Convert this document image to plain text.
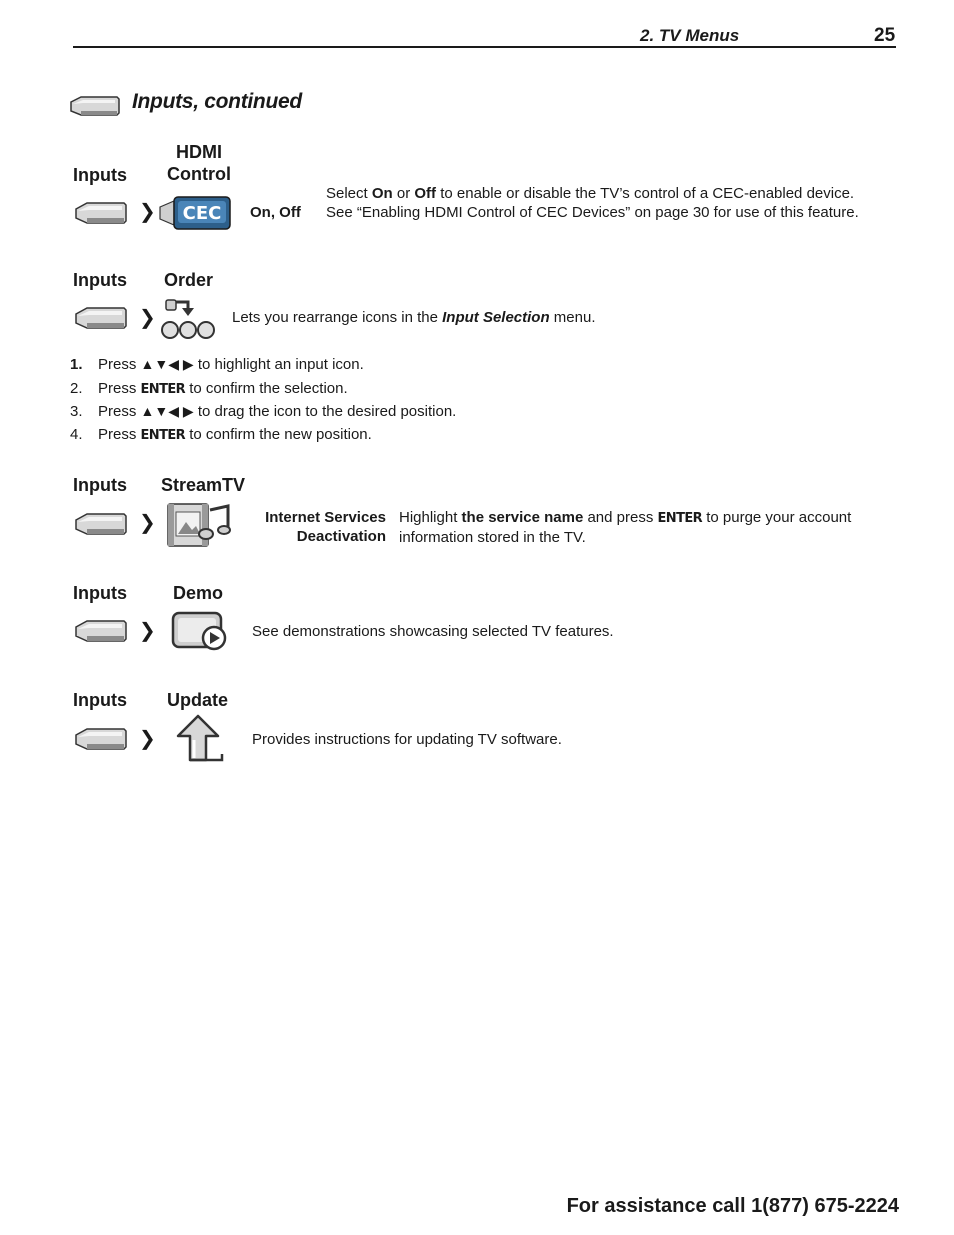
2. TV Menus	25
Inputs, continued
Inputs
HDMI
Control
❯ CEC On, Off
Select On or Off to enable or disable the TV’s control of a CEC-enabled device. See “Enabling HDMI Control of CEC Devices” on page 30 for use of this feature.
Inputs Order
❯	Lets you rearrange icons in the Input Selection menu.
1. Press ▲▼◀ ▶ to highlight an input icon.
2. Press ENTER to confirm the selection.
3. Press ▲▼◀ ▶ to drag the icon to the desired position.
4. Press ENTER to confirm the new position.
Inputs StreamTV
❯	Internet Services
Deactivation
Highlight the service name and press ENTER to purge your account information stored in the TV.
Inputs	Demo
❯	See demonstrations showcasing selected TV features.
Inputs Update
❯	Provides instructions for updating TV software.
For assistance call 1(877) 675-2224
